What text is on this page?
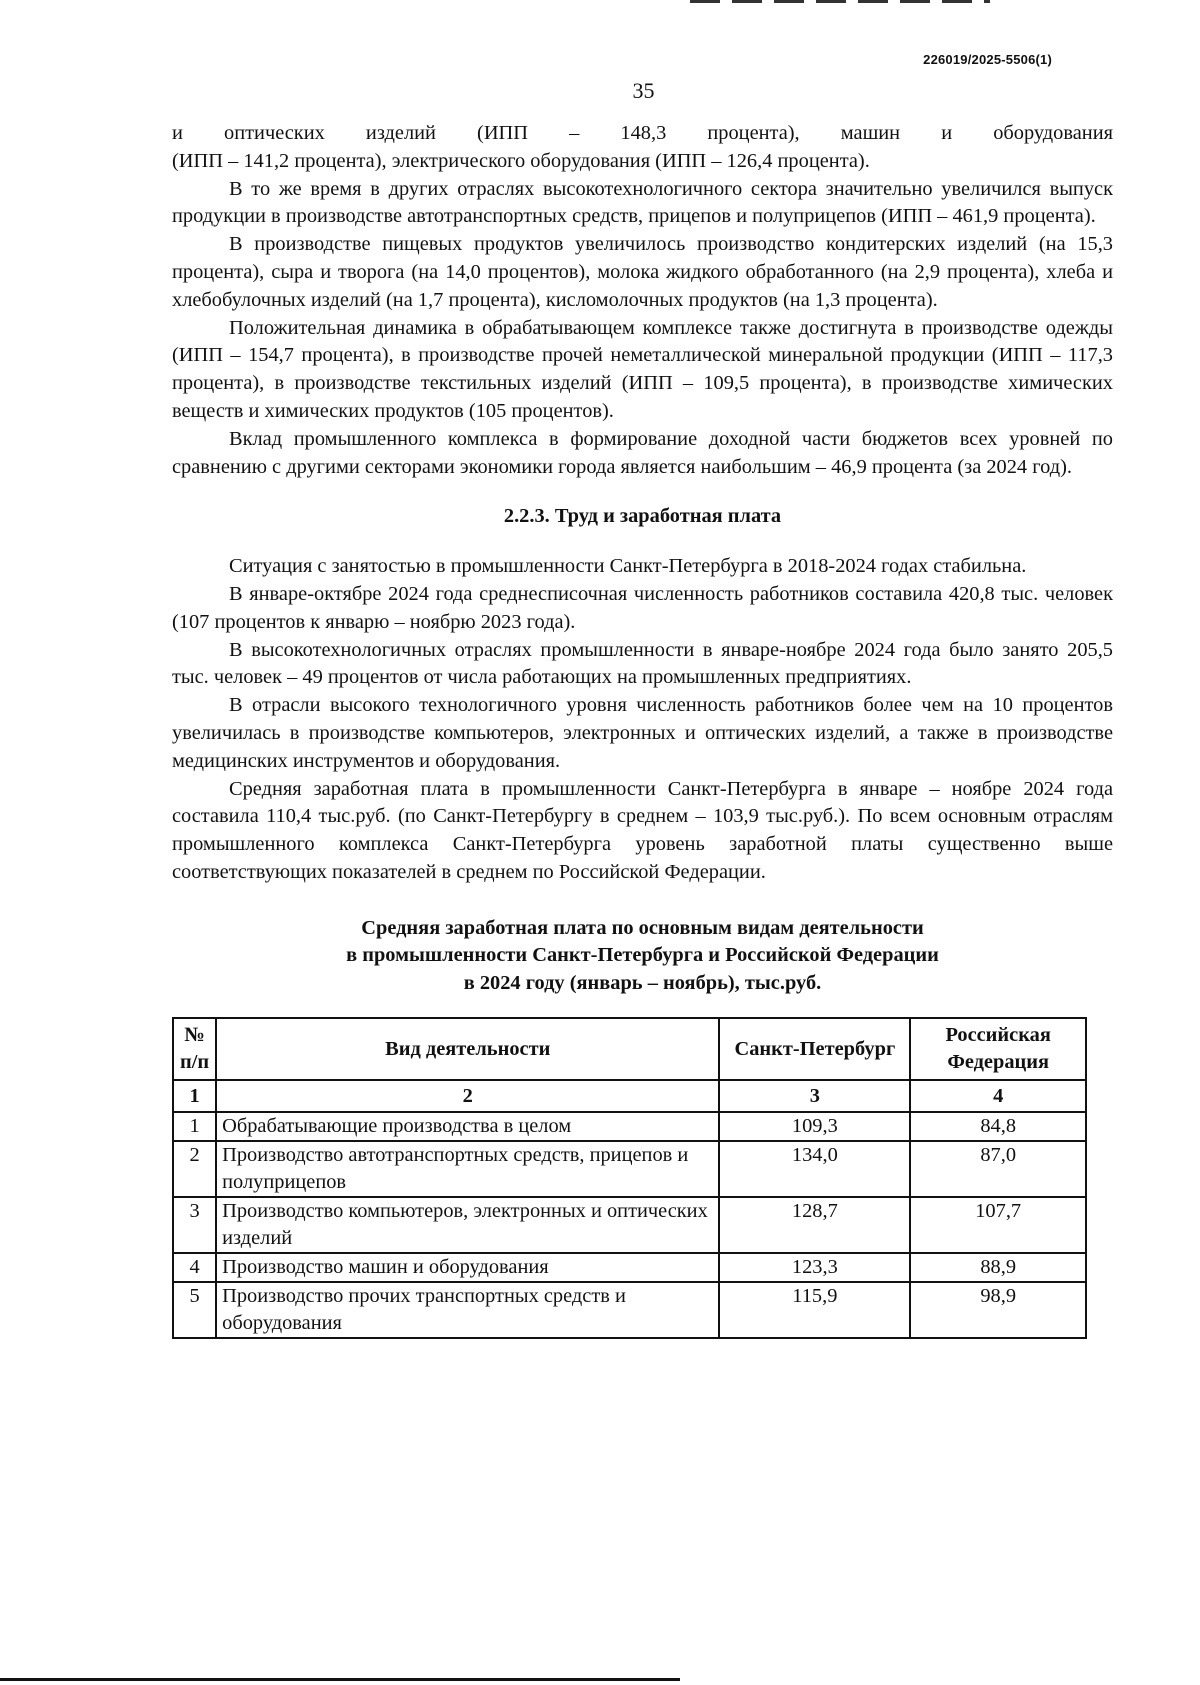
226019/2025-5506(1)
35

и оптических изделий (ИПП – 148,3 процента), машин и оборудования

(ИПП – 141,2 процента), электрического оборудования (ИПП – 126,4 процента).

В то же время в других отраслях высокотехнологичного сектора значительно увеличился выпуск продукции в производстве автотранспортных средств, прицепов и полуприцепов (ИПП – 461,9 процента).

В производстве пищевых продуктов увеличилось производство кондитерских изделий (на 15,3 процента), сыра и творога (на 14,0 процентов), молока жидкого обработанного (на 2,9 процента), хлеба и хлебобулочных изделий (на 1,7 процента), кисломолочных продуктов (на 1,3 процента).

Положительная динамика в обрабатывающем комплексе также достигнута в производстве одежды (ИПП – 154,7 процента), в производстве прочей неметаллической минеральной продукции (ИПП – 117,3 процента), в производстве текстильных изделий (ИПП – 109,5 процента), в производстве химических веществ и химических продуктов (105 процентов).

Вклад промышленного комплекса в формирование доходной части бюджетов всех уровней по сравнению с другими секторами экономики города является наибольшим – 46,9 процента (за 2024 год).

2.2.3. Труд и заработная плата

Ситуация с занятостью в промышленности Санкт-Петербурга в 2018-2024 годах стабильна.

В январе-октябре 2024 года среднесписочная численность работников составила 420,8 тыс. человек (107 процентов к январю – ноябрю 2023 года).

В высокотехнологичных отраслях промышленности в январе-ноябре 2024 года было занято 205,5 тыс. человек – 49 процентов от числа работающих на промышленных предприятиях.

В отрасли высокого технологичного уровня численность работников более чем на 10 процентов увеличилась в производстве компьютеров, электронных и оптических изделий, а также в производстве медицинских инструментов и оборудования.

Средняя заработная плата в промышленности Санкт-Петербурга в январе – ноябре 2024 года составила 110,4 тыс.руб. (по Санкт-Петербургу в среднем – 103,9 тыс.руб.). По всем основным отраслям промышленного комплекса Санкт-Петербурга уровень заработной платы существенно выше соответствующих показателей в среднем по Российской Федерации.

Средняя заработная плата по основным видам деятельности
в промышленности Санкт-Петербурга и Российской Федерации
в 2024 году (январь – ноябрь), тыс.руб.
№ п/п	Вид деятельности	Санкт-Петербург	Российская Федерация
1	2	3	4
1	Обрабатывающие производства в целом	109,3	84,8
2	Производство автотранспортных средств, прицепов и полуприцепов	134,0	87,0
3	Производство компьютеров, электронных и оптических изделий	128,7	107,7
4	Производство машин и оборудования	123,3	88,9
5	Производство прочих транспортных средств и оборудования	115,9	98,9
